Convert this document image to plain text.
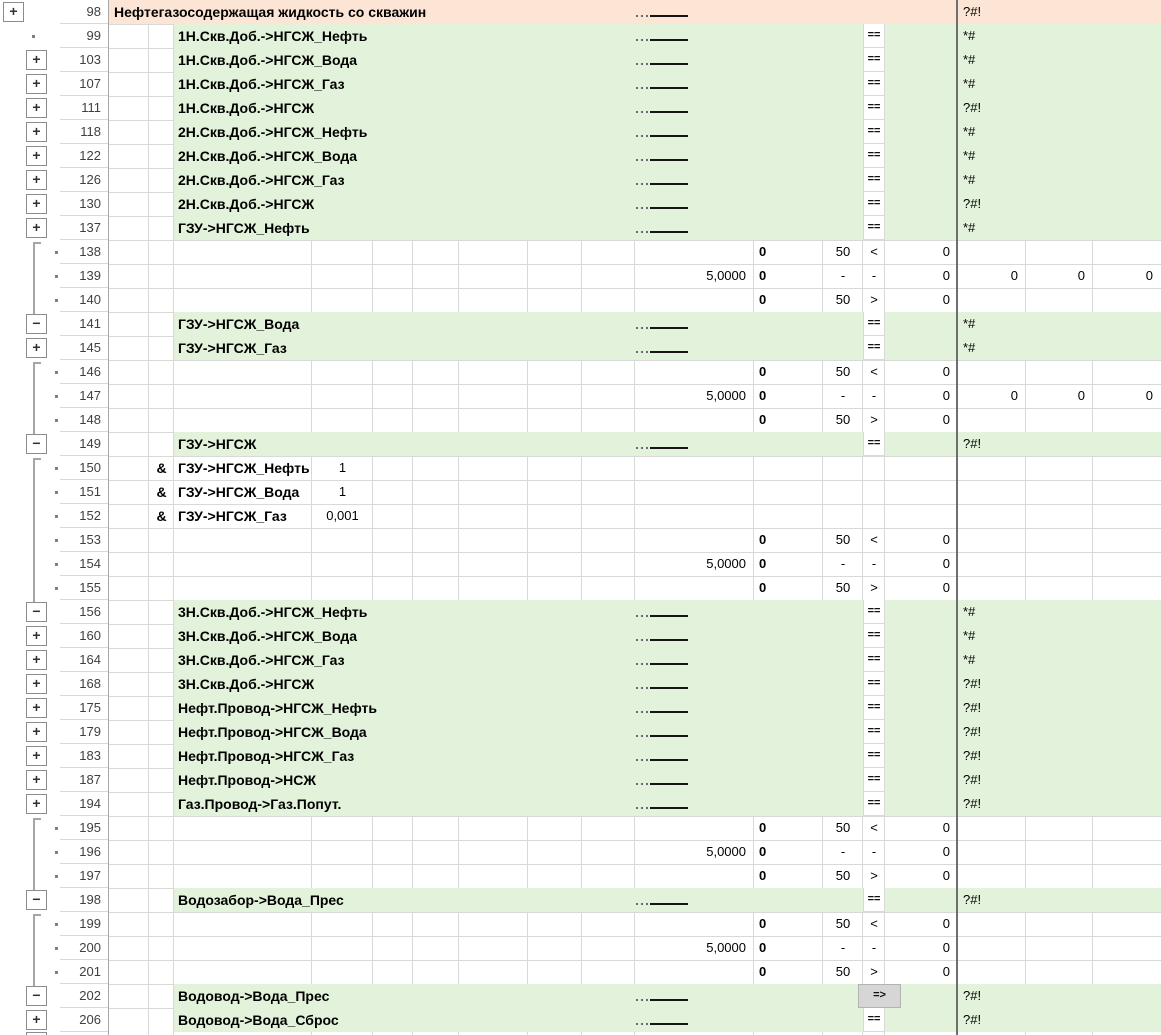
98 Нефтегазосодержащая жидкость со скважин	?#!
99	1Н.Скв.Доб.->НГСЖ_Нефть	==	*#
103	1Н.Скв.Доб.->НГСЖ_Вода	==	*#
107	1Н.Скв.Доб.->НГСЖ_Газ	==	*#
111	1Н.Скв.Доб.->НГСЖ	==	?#!
118	2Н.Скв.Доб.->НГСЖ_Нефть	==	*#
122	2Н.Скв.Доб.->НГСЖ_Вода	==	*#
126	2Н.Скв.Доб.->НГСЖ_Газ	==	*#
130	2Н.Скв.Доб.->НГСЖ	==	?#!
137	ГЗУ->НГСЖ_Нефть	==	*#
138	0	50	<	0
139	5,0000	0	-	-	0	0	0	0
140	0	50	>	0
141	ГЗУ->НГСЖ_Вода	==	*#
145	ГЗУ->НГСЖ_Газ	==	*#
146	0	50	<	0
147	5,0000	0	-	-	0	0	0	0
148	0	50	>	0
149	ГЗУ->НГСЖ	==	?#!
150	& ГЗУ->НГСЖ_Нефть	1
151	& ГЗУ->НГСЖ_Вода	1
152	& ГЗУ->НГСЖ_Газ	0,001
153	0	50	<	0
154	5,0000	0	-	-	0
155	0	50	>	0
156	3Н.Скв.Доб.->НГСЖ_Нефть	==	*#
160	3Н.Скв.Доб.->НГСЖ_Вода	==	*#
164	3Н.Скв.Доб.->НГСЖ_Газ	==	*#
168	3Н.Скв.Доб.->НГСЖ	==	?#!
175	Нефт.Провод->НГСЖ_Нефть	==	?#!
179	Нефт.Провод->НГСЖ_Вода	==	?#!
183	Нефт.Провод->НГСЖ_Газ	==	?#!
187	Нефт.Провод->НСЖ	==	?#!
194	Газ.Провод->Газ.Попут.	==	?#!
195	0	50	<	0
196	5,0000	0	-	-	0
197	0	50	>	0
198	Водозабор->Вода_Прес	==	?#!
199	0	50	<	0
200	5,0000	0	-	-	0
201	0	50	>	0
202	Водовод->Вода_Прес	=>	?#!
206	Водовод->Вода_Сброс	==	?#!
+
+
+
+
+
+
+
+
+
−
+
−
−
+
+
+
+
+
+
+
+
−
−
+
